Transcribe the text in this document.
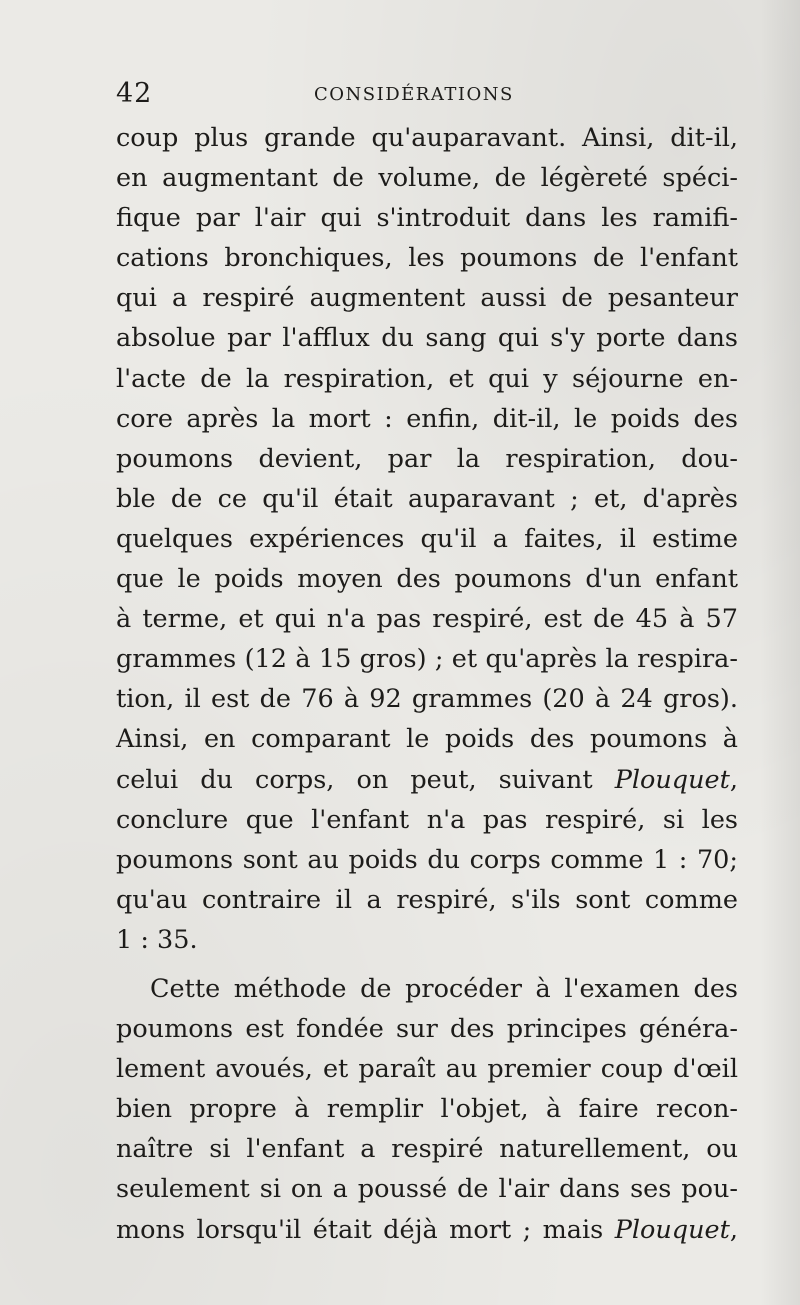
42	CONSIDÉRATIONS
coup plus grande qu'auparavant. Ainsi, dit-il,
en augmentant de volume, de légèreté spéci-
fique par l'air qui s'introduit dans les ramifi-
cations bronchiques, les poumons de l'enfant
qui a respiré augmentent aussi de pesanteur
absolue par l'afflux du sang qui s'y porte dans
l'acte de la respiration, et qui y séjourne en-
core après la mort : enfin, dit-il, le poids des
poumons devient, par la respiration, dou-
ble de ce qu'il était auparavant ; et, d'après
quelques expériences qu'il a faites, il estime
que le poids moyen des poumons d'un enfant
à terme, et qui n'a pas respiré, est de 45 à 57
grammes (12 à 15 gros) ; et qu'après la respira-
tion, il est de 76 à 92 grammes (20 à 24 gros).
Ainsi, en comparant le poids des poumons à
celui du corps, on peut, suivant Plouquet,
conclure que l'enfant n'a pas respiré, si les
poumons sont au poids du corps comme 1 : 70;
qu'au contraire il a respiré, s'ils sont comme
1 : 35.
Cette méthode de procéder à l'examen des
poumons est fondée sur des principes généra-
lement avoués, et paraît au premier coup d'œil
bien propre à remplir l'objet, à faire recon-
naître si l'enfant a respiré naturellement, ou
seulement si on a poussé de l'air dans ses pou-
mons lorsqu'il était déjà mort ; mais Plouquet,
